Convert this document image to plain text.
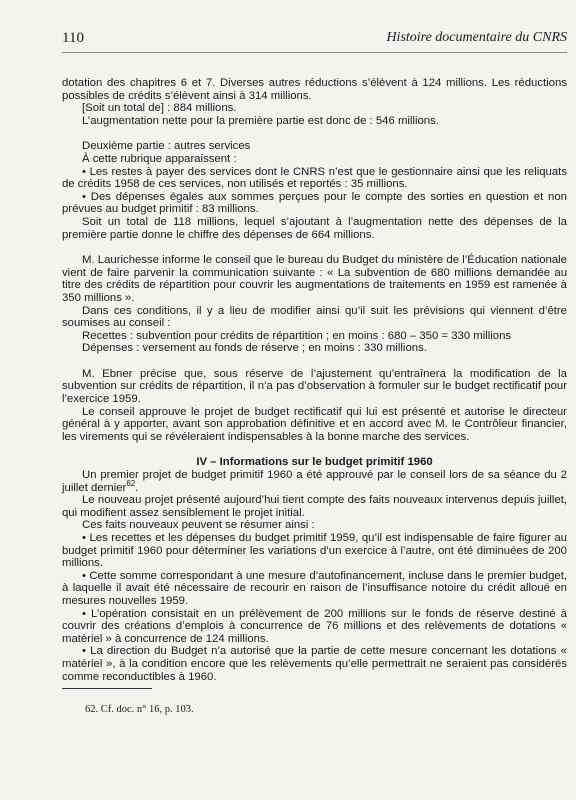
110	Histoire documentaire du CNRS

dotation des chapitres 6 et 7. Diverses autres réductions s’élèvent à 124 millions. Les réductions possibles de crédits s’élèvent ainsi à 314 millions.

[Soit un total de] : 884 millions.

L’augmentation nette pour la première partie est donc de : 546 millions.

Deuxième partie : autres services

À cette rubrique apparaissent :

• Les restes à payer des services dont le CNRS n’est que le gestionnaire ainsi que les reliquats de crédits 1958 de ces services, non utilisés et reportés : 35 millions.

• Des dépenses égales aux sommes perçues pour le compte des sorties en question et non prévues au budget primitif : 83 millions.

Soit un total de 118 millions, lequel s’ajoutant à l’augmentation nette des dépenses de la première partie donne le chiffre des dépenses de 664 millions.

M. Laurichesse informe le conseil que le bureau du Budget du ministère de l’Éducation nationale vient de faire parvenir la communication suivante : « La subvention de 680 millions demandée au titre des crédits de répartition pour couvrir les augmentations de traitements en 1959 est ramenée à 350 millions ».

Dans ces conditions, il y a lieu de modifier ainsi qu’il suit les prévisions qui viennent d’être soumises au conseil :

Recettes : subvention pour crédits de répartition ; en moins : 680 – 350 = 330 millions

Dépenses : versement au fonds de réserve ; en moins : 330 millions.

M. Ebner précise que, sous réserve de l’ajustement qu’entraînera la modification de la subvention sur crédits de répartition, il n’a pas d’observation à formuler sur le budget rectificatif pour l’exercice 1959.

Le conseil approuve le projet de budget rectificatif qui lui est présenté et autorise le directeur général à y apporter, avant son approbation définitive et en accord avec M. le Contrôleur financier, les virements qui se révéleraient indispensables à la bonne marche des services.

IV – Informations sur le budget primitif 1960

Un premier projet de budget primitif 1960 a été approuvé par le conseil lors de sa séance du 2 juillet dernier$^{62}$.

Le nouveau projet présenté aujourd’hui tient compte des faits nouveaux intervenus depuis juillet, qui modifient assez sensiblement le projet initial.

Ces faits nouveaux peuvent se résumer ainsi :

• Les recettes et les dépenses du budget primitif 1959, qu’il est indispensable de faire figurer au budget primitif 1960 pour déterminer les variations d’un exercice à l’autre, ont été diminuées de 200 millions.

• Cette somme correspondant à une mesure d’autofinancement, incluse dans le premier budget, à laquelle il avait été nécessaire de recourir en raison de l’insuffisance notoire du crédit alloué en mesures nouvelles 1959.

• L’opération consistait en un prélèvement de 200 millions sur le fonds de réserve destiné à couvrir des créations d’emplois à concurrence de 76 millions et des relèvements de dotations « matériel » à concurrence de 124 millions.

• La direction du Budget n’a autorisé que la partie de cette mesure concernant les dotations « matériel », à la condition encore que les relèvements qu’elle permettrait ne seraient pas considérés comme reconductibles à 1960.

62. Cf. doc. n° 16, p. 103.
